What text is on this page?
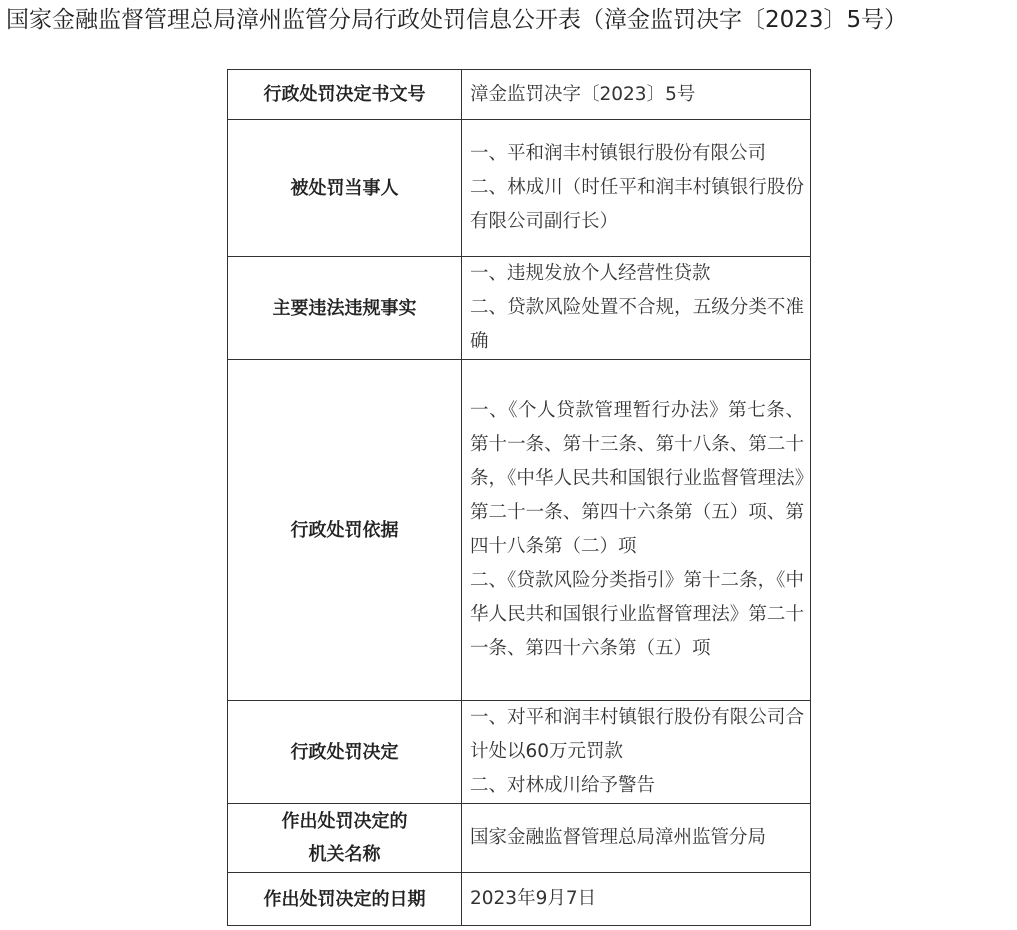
国家金融监督管理总局漳州监管分局行政处罚信息公开表（漳金监罚决字〔2023〕5号）
行政处罚决定书文号	漳金监罚决字〔2023〕5号

被处罚当事人	一、平和润丰村镇银行股份有限公司
二、林成川（时任平和润丰村镇银行股份有限公司副行长）

主要违法违规事实	一、违规发放个人经营性贷款
二、贷款风险处置不合规，五级分类不准确

行政处罚依据	一、《个人贷款管理暂行办法》第七条、第十一条、第十三条、第十八条、第二十条，《中华人民共和国银行业监督管理法》第二十一条、第四十六条第（五）项、第四十八条第（二）项
二、《贷款风险分类指引》第十二条，《中华人民共和国银行业监督管理法》第二十一条、第四十六条第（五）项

行政处罚决定	一、对平和润丰村镇银行股份有限公司合计处以60万元罚款
二、对林成川给予警告

作出处罚决定的
机关名称	国家金融监督管理总局漳州监管分局

作出处罚决定的日期	2023年9月7日
